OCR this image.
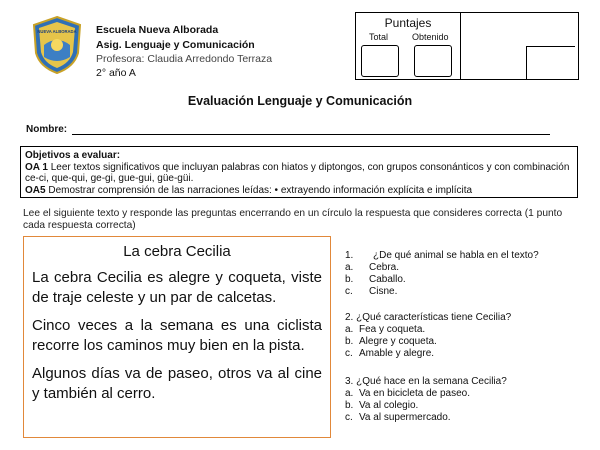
NUEVA ALBORADA Escuela Nueva Alborada
Asig. Lenguaje y Comunicación
Profesora: Claudia Arredondo Terraza
2° año A
Puntajes
Total	Obtenido
Evaluación Lenguaje y Comunicación
Nombre:

Objetivos a evaluar:

OA 1 Leer textos significativos que incluyan palabras con hiatos y diptongos, con grupos consonánticos y con combinación ce-ci, que-qui, ge-gi, gue-gui, güe-güi.

OA5 Demostrar comprensión de las narraciones leídas: • extrayendo información explícita e implícita

Lee el siguiente texto y responde las preguntas encerrando en un círculo la respuesta que consideres correcta (1 punto cada respuesta correcta)
La cebra Cecilia

La cebra Cecilia es alegre y coqueta, viste de traje celeste y un par de calcetas.

Cinco veces a la semana es una ciclista recorre los caminos muy bien en la pista.

Algunos días va de paseo, otros va al cine y también al cerro.

1. ¿De qué animal se habla en el texto?
a. Cebra.
b. Caballo.
c. Cisne.
2. ¿Qué características tiene Cecilia?
a. Fea y coqueta.
b. Alegre y coqueta.
c. Amable y alegre.
3. ¿Qué hace en la semana Cecilia?
a. Va en bicicleta de paseo.
b. Va al colegio.
c. Va al supermercado.
